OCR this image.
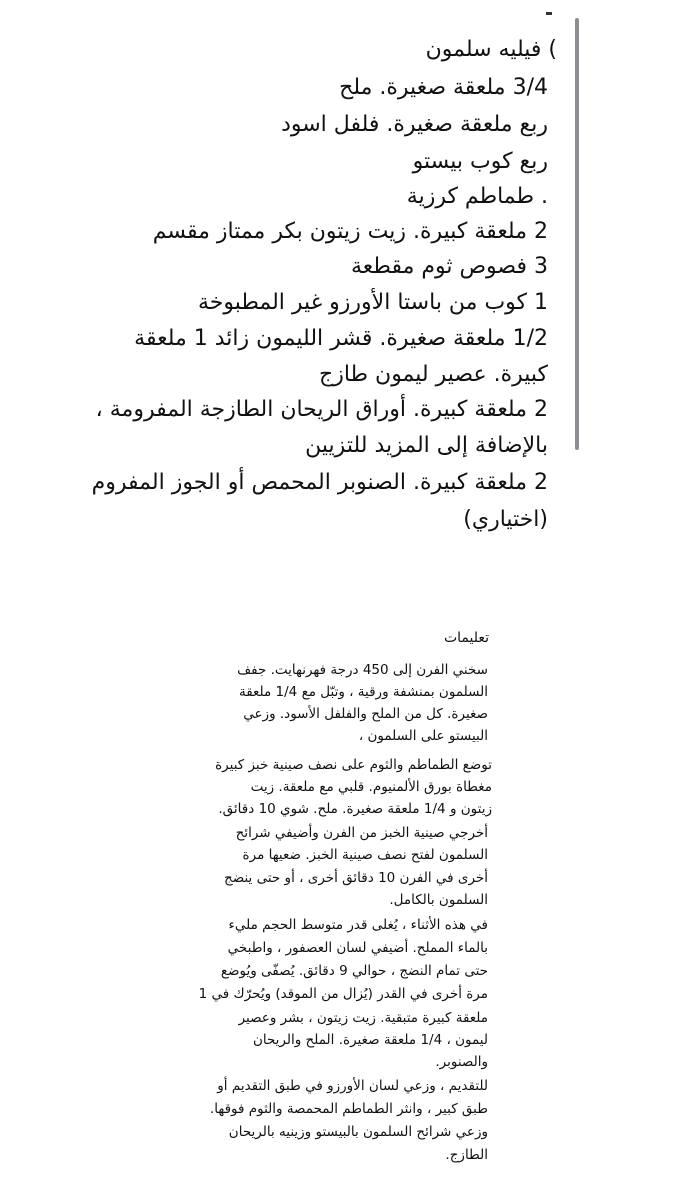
) فيليه سلمون
3/4 ملعقة صغيرة. ملح
ربع ملعقة صغيرة. فلفل اسود
ربع كوب بيستو
. طماطم كرزية
2 ملعقة كبيرة. زيت زيتون بكر ممتاز مقسم
3 فصوص ثوم مقطعة
1 كوب من باستا الأورزو غير المطبوخة
1/2 ملعقة صغيرة. قشر الليمون زائد 1 ملعقة
كبيرة. عصير ليمون طازج
2 ملعقة كبيرة. أوراق الريحان الطازجة المفرومة ،
بالإضافة إلى المزيد للتزيين
2 ملعقة كبيرة. الصنوبر المحمص أو الجوز المفروم
(اختياري)
تعليمات
سخني الفرن إلى 450 درجة فهرنهايت. جفف
السلمون بمنشفة ورقية ، وتبّل مع 1/4 ملعقة
صغيرة. كل من الملح والفلفل الأسود. وزعي
البيستو على السلمون ،
توضع الطماطم والثوم على نصف صينية خبز كبيرة
مغطاة بورق الألمنيوم. قلبي مع ملعقة. زيت
زيتون و 1/4 ملعقة صغيرة. ملح. شوي 10 دقائق.
أخرجي صينية الخبز من الفرن وأضيفي شرائح
السلمون لفتح نصف صينية الخبز. ضعيها مرة
أخرى في الفرن 10 دقائق أخرى ، أو حتى ينضج
السلمون بالكامل.
في هذه الأثناء ، يُغلى قدر متوسط الحجم مليء
بالماء المملح. أضيفي لسان العصفور ، واطبخي
حتى تمام النضج ، حوالي 9 دقائق. يُصفّى ويُوضع
مرة أخرى في القدر (يُزال من الموقد) ويُحرّك في 1
ملعقة كبيرة متبقية. زيت زيتون ، بشر وعصير
ليمون ، 1/4 ملعقة صغيرة. الملح والريحان
والصنوبر.
للتقديم ، وزعي لسان الأورزو في طبق التقديم أو
طبق كبير ، وانثر الطماطم المحمصة والثوم فوقها.
وزعي شرائح السلمون بالبيستو وزينيه بالريحان
الطازج.
